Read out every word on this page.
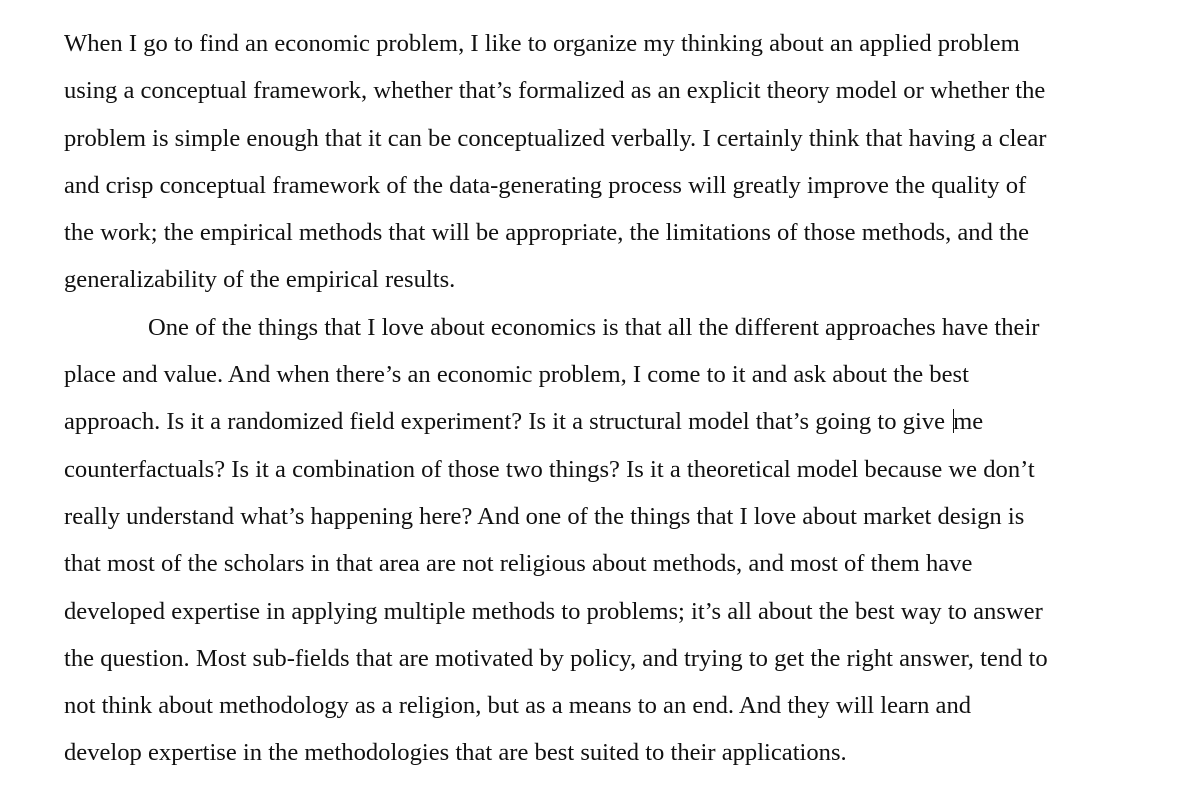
When I go to find an economic problem, I like to organize my thinking about an applied problem
using a conceptual framework, whether that’s formalized as an explicit theory model or whether the
problem is simple enough that it can be conceptualized verbally. I certainly think that having a clear
and crisp conceptual framework of the data-generating process will greatly improve the quality of
the work; the empirical methods that will be appropriate, the limitations of those methods, and the
generalizability of the empirical results.
One of the things that I love about economics is that all the different approaches have their
place and value. And when there’s an economic problem, I come to it and ask about the best
approach. Is it a randomized field experiment? Is it a structural model that’s going to give me
counterfactuals? Is it a combination of those two things? Is it a theoretical model because we don’t
really understand what’s happening here? And one of the things that I love about market design is
that most of the scholars in that area are not religious about methods, and most of them have
developed expertise in applying multiple methods to problems; it’s all about the best way to answer
the question. Most sub-fields that are motivated by policy, and trying to get the right answer, tend to
not think about methodology as a religion, but as a means to an end. And they will learn and
develop expertise in the methodologies that are best suited to their applications.
